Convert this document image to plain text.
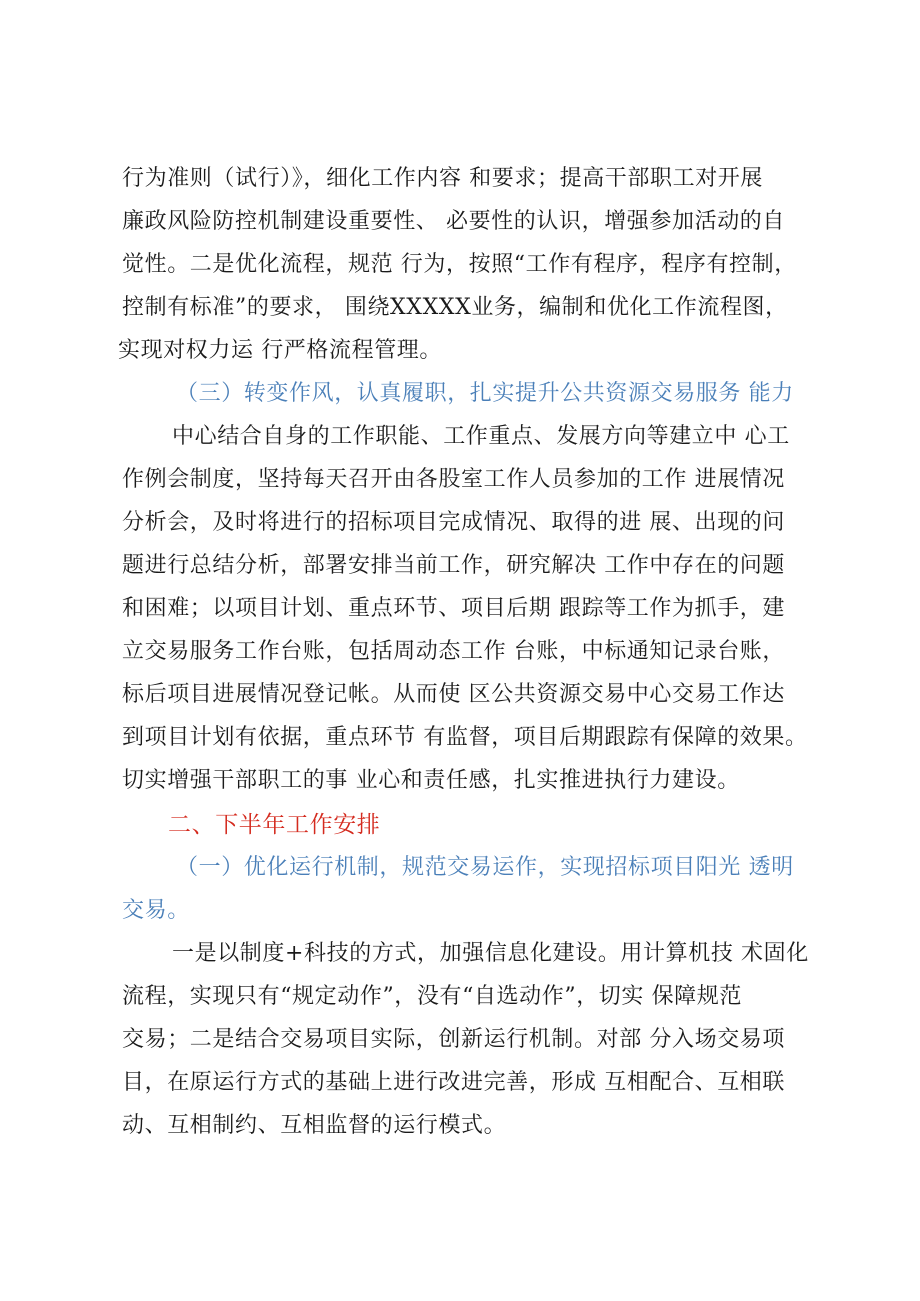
行为准则（试行）》，细化工作内容 和要求；提高干部职工对开展
廉政风险防控机制建设重要性、 必要性的认识，增强参加活动的自
觉性。二是优化流程，规范 行为，按照“工作有程序，程序有控制，
控制有标准”的要求， 围绕XXXXX业务，编制和优化工作流程图，
实现对权力运 行严格流程管理。
（三）转变作风，认真履职，扎实提升公共资源交易服务 能力
中心结合自身的工作职能、工作重点、发展方向等建立中 心工
作例会制度，坚持每天召开由各股室工作人员参加的工作 进展情况
分析会，及时将进行的招标项目完成情况、取得的进 展、出现的问
题进行总结分析，部署安排当前工作，研究解决 工作中存在的问题
和困难；以项目计划、重点环节、项目后期 跟踪等工作为抓手，建
立交易服务工作台账，包括周动态工作 台账，中标通知记录台账，
标后项目进展情况登记帐。从而使 区公共资源交易中心交易工作达
到项目计划有依据，重点环节 有监督，项目后期跟踪有保障的效果。
切实增强干部职工的事 业心和责任感，扎实推进执行力建设。
二、下半年工作安排
（一）优化运行机制，规范交易运作，实现招标项目阳光 透明
交易。
一是以制度+科技的方式，加强信息化建设。用计算机技 术固化
流程，实现只有“规定动作”，没有“自选动作”，切实 保障规范
交易；二是结合交易项目实际，创新运行机制。对部 分入场交易项
目，在原运行方式的基础上进行改进完善，形成 互相配合、互相联
动、互相制约、互相监督的运行模式。
